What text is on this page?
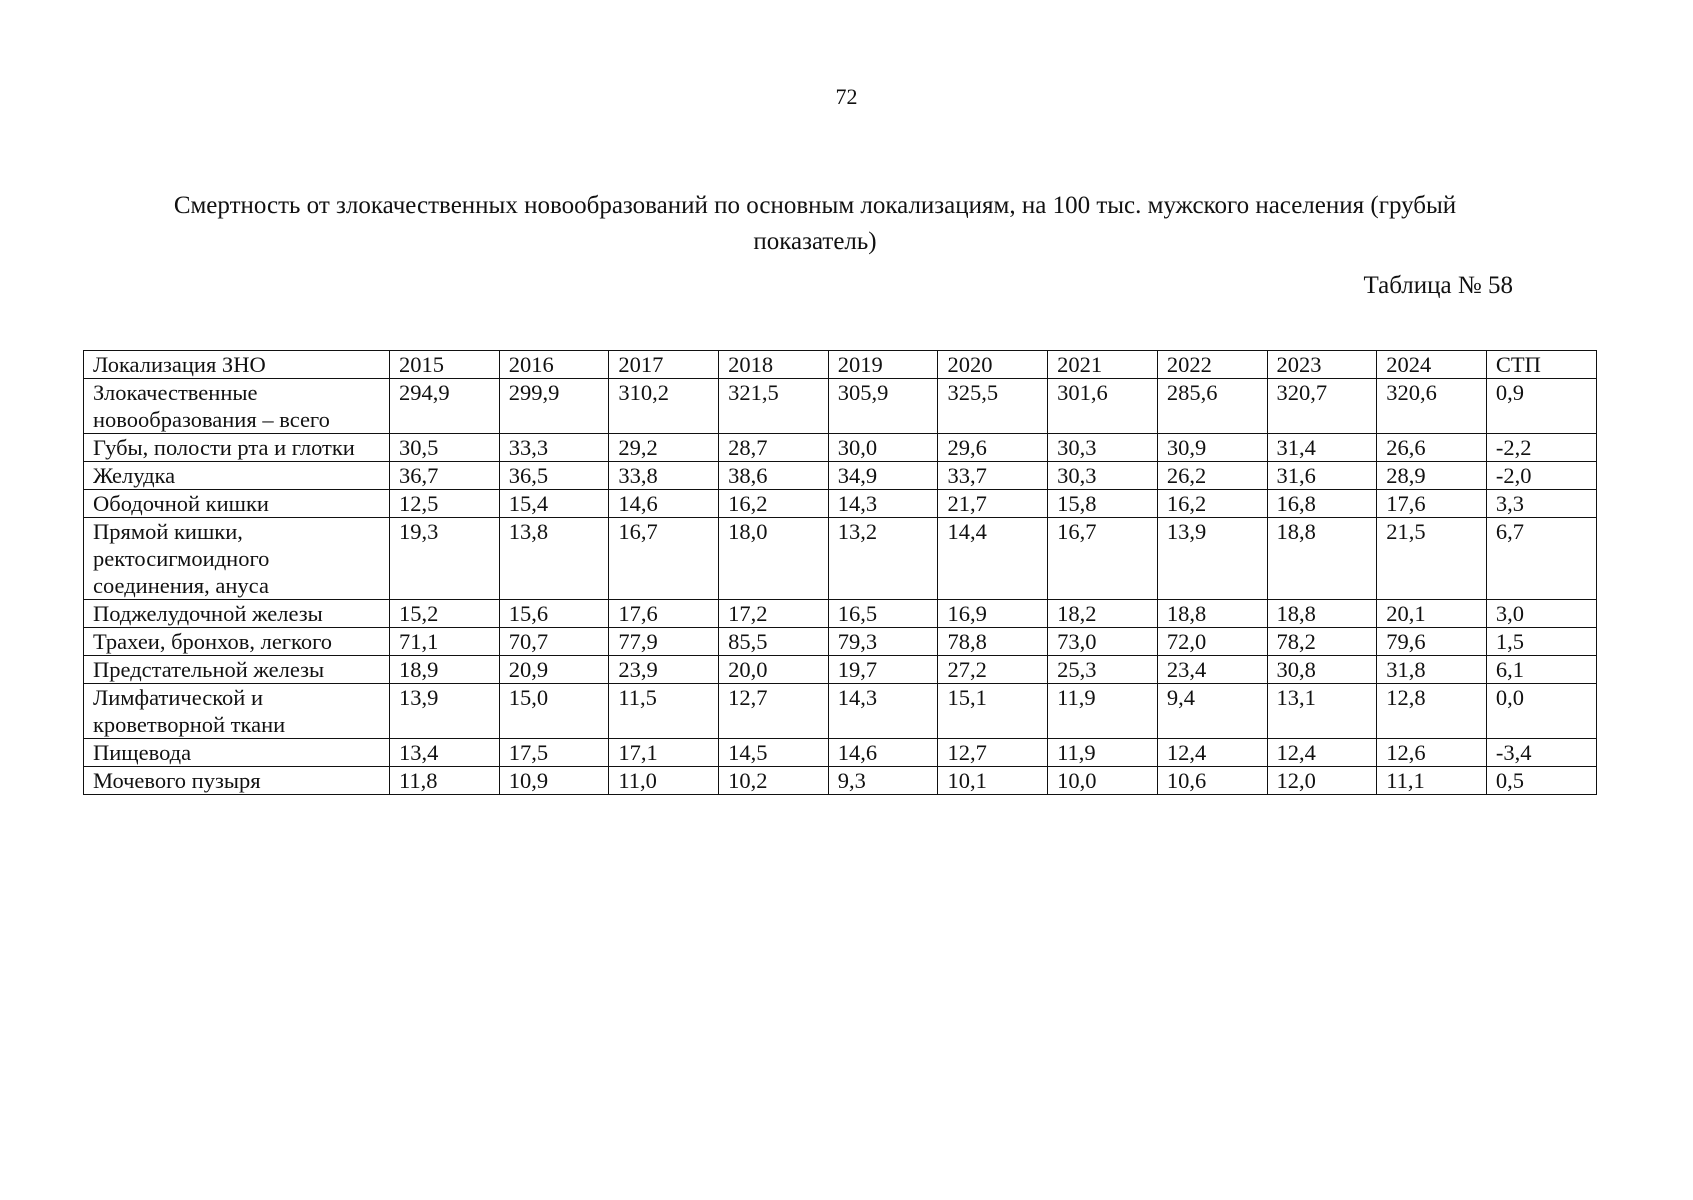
72
Смертность от злокачественных новообразований по основным локализациям, на 100 тыс. мужского населения (грубый показатель)
Таблица № 58
Локализация ЗНО	2015	2016	2017	2018	2019	2020	2021	2022	2023	2024	СТП
Злокачественные новообразования – всего	294,9	299,9	310,2	321,5	305,9	325,5	301,6	285,6	320,7	320,6	0,9
Губы, полости рта и глотки	30,5	33,3	29,2	28,7	30,0	29,6	30,3	30,9	31,4	26,6	-2,2
Желудка	36,7	36,5	33,8	38,6	34,9	33,7	30,3	26,2	31,6	28,9	-2,0
Ободочной кишки	12,5	15,4	14,6	16,2	14,3	21,7	15,8	16,2	16,8	17,6	3,3
Прямой кишки, ректосигмоидного соединения, ануса	19,3	13,8	16,7	18,0	13,2	14,4	16,7	13,9	18,8	21,5	6,7
Поджелудочной железы	15,2	15,6	17,6	17,2	16,5	16,9	18,2	18,8	18,8	20,1	3,0
Трахеи, бронхов, легкого	71,1	70,7	77,9	85,5	79,3	78,8	73,0	72,0	78,2	79,6	1,5
Предстательной железы	18,9	20,9	23,9	20,0	19,7	27,2	25,3	23,4	30,8	31,8	6,1
Лимфатической и кроветворной ткани	13,9	15,0	11,5	12,7	14,3	15,1	11,9	9,4	13,1	12,8	0,0
Пищевода	13,4	17,5	17,1	14,5	14,6	12,7	11,9	12,4	12,4	12,6	-3,4
Мочевого пузыря	11,8	10,9	11,0	10,2	9,3	10,1	10,0	10,6	12,0	11,1	0,5
